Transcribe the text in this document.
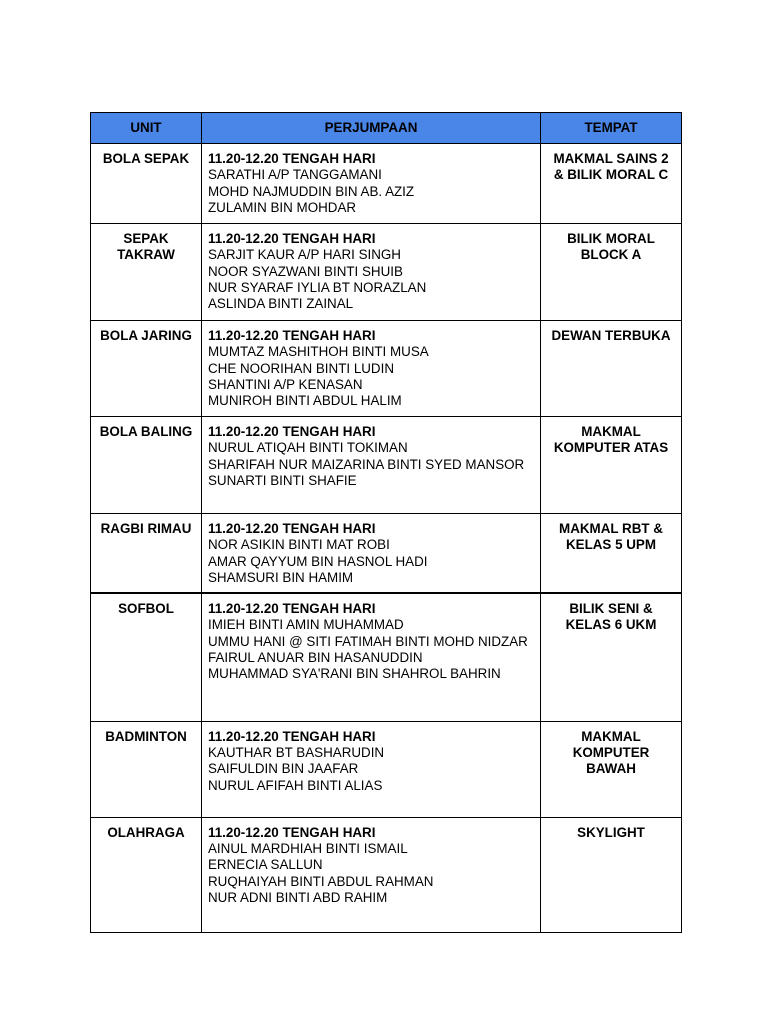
UNIT	PERJUMPAAN	TEMPAT
BOLA SEPAK	11.20-12.20 TENGAH HARI
SARATHI A/P TANGGAMANI
MOHD NAJMUDDIN BIN AB. AZIZ
ZULAMIN BIN MOHDAR	MAKMAL SAINS 2 & BILIK MORAL C
SEPAK TAKRAW	11.20-12.20 TENGAH HARI
SARJIT KAUR A/P HARI SINGH
NOOR SYAZWANI BINTI SHUIB
NUR SYARAF IYLIA BT NORAZLAN
ASLINDA BINTI ZAINAL	BILIK MORAL BLOCK A
BOLA JARING	11.20-12.20 TENGAH HARI
MUMTAZ MASHITHOH BINTI MUSA
CHE NOORIHAN BINTI LUDIN
SHANTINI A/P KENASAN
MUNIROH BINTI ABDUL HALIM	DEWAN TERBUKA
BOLA BALING	11.20-12.20 TENGAH HARI
NURUL ATIQAH BINTI TOKIMAN
SHARIFAH NUR MAIZARINA BINTI SYED MANSOR
SUNARTI BINTI SHAFIE	MAKMAL KOMPUTER ATAS
RAGBI RIMAU	11.20-12.20 TENGAH HARI
NOR ASIKIN BINTI MAT ROBI
AMAR QAYYUM BIN HASNOL HADI
SHAMSURI BIN HAMIM	MAKMAL RBT & KELAS 5 UPM
SOFBOL	11.20-12.20 TENGAH HARI
IMIEH BINTI AMIN MUHAMMAD
UMMU HANI @ SITI FATIMAH BINTI MOHD NIDZAR
FAIRUL ANUAR BIN HASANUDDIN
MUHAMMAD SYA'RANI BIN SHAHROL BAHRIN	BILIK SENI & KELAS 6 UKM
BADMINTON	11.20-12.20 TENGAH HARI
KAUTHAR BT BASHARUDIN
SAIFULDIN BIN JAAFAR
NURUL AFIFAH BINTI ALIAS	MAKMAL KOMPUTER BAWAH
OLAHRAGA	11.20-12.20 TENGAH HARI
AINUL MARDHIAH BINTI ISMAIL
ERNECIA SALLUN
RUQHAIYAH BINTI ABDUL RAHMAN
NUR ADNI BINTI ABD RAHIM	SKYLIGHT
